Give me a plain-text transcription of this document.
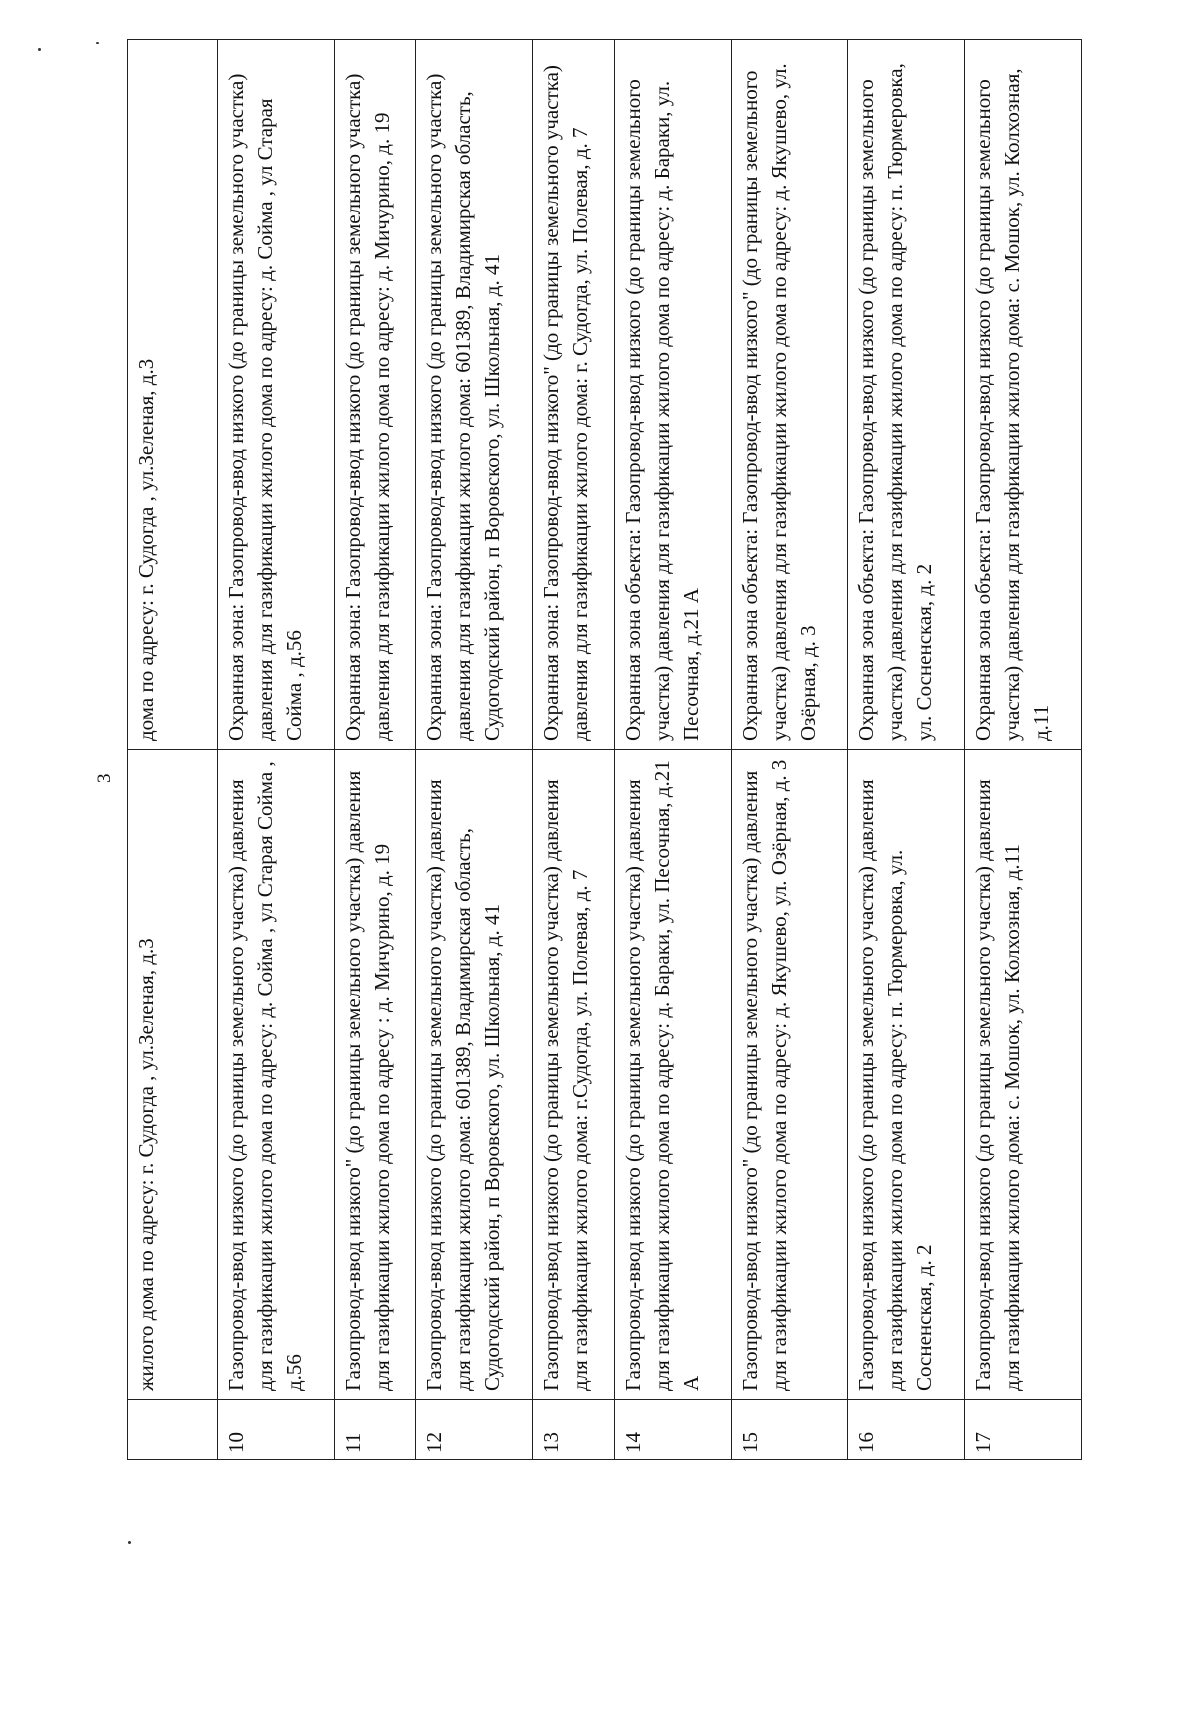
3
	жилого дома по адресу: г. Судогда , ул.Зеленая, д.3	дома по адресу: г. Судогда , ул.Зеленая, д.3
10	Газопровод-ввод низкого (до границы земельного участка) давления для газификации жилого дома по адресу: д. Сойма , ул Старая Сойма , д.56	Охранная зона: Газопровод-ввод низкого (до границы земельного участка) давления для газификации жилого дома по адресу: д. Сойма , ул Старая Сойма , д.56
11	Газопровод-ввод низкого" (до границы земельного участка) давления для газификации жилого дома по адресу : д. Мичурино, д. 19	Охранная зона: Газопровод-ввод низкого (до границы земельного участка) давления для газификации жилого дома по адресу: д. Мичурино, д. 19
12	Газопровод-ввод низкого (до границы земельного участка) давления для газификации жилого дома: 601389, Владимирская область, Судогодский район, п Воровского, ул. Школьная, д. 41	Охранная зона: Газопровод-ввод низкого (до границы земельного участка) давления для газификации жилого дома: 601389, Владимирская область, Судогодский район, п Воровского, ул. Школьная, д. 41
13	Газопровод-ввод низкого (до границы земельного участка) давления для газификации жилого дома: г.Судогда, ул. Полевая, д. 7	Охранная зона: Газопровод-ввод низкого" (до границы земельного участка) давления для газификации жилого дома: г. Судогда, ул. Полевая, д. 7
14	Газопровод-ввод низкого (до границы земельного участка) давления для газификации жилого дома по адресу: д. Бараки, ул. Песочная, д.21 А	Охранная зона объекта: Газопровод-ввод низкого (до границы земельного участка) давления для газификации жилого дома по адресу: д. Бараки, ул. Песочная, д.21 А
15	Газопровод-ввод низкого" (до границы земельного участка) давления для газификации жилого дома по адресу: д. Якушево, ул. Озёрная, д. 3	Охранная зона объекта: Газопровод-ввод низкого" (до границы земельного участка) давления для газификации жилого дома по адресу: д. Якушево, ул. Озёрная, д. 3
16	Газопровод-ввод низкого (до границы земельного участка) давления для газификации жилого дома по адресу: п. Тюрмеровка, ул. Сосненская, д. 2	Охранная зона объекта: Газопровод-ввод низкого (до границы земельного участка) давления для газификации жилого дома по адресу: п. Тюрмеровка, ул. Сосненская, д. 2
17	Газопровод-ввод низкого (до границы земельного участка) давления для газификации жилого дома: с. Мошок, ул. Колхозная, д.11	Охранная зона объекта: Газопровод-ввод низкого (до границы земельного участка) давления для газификации жилого дома: с. Мошок, ул. Колхозная, д.11
